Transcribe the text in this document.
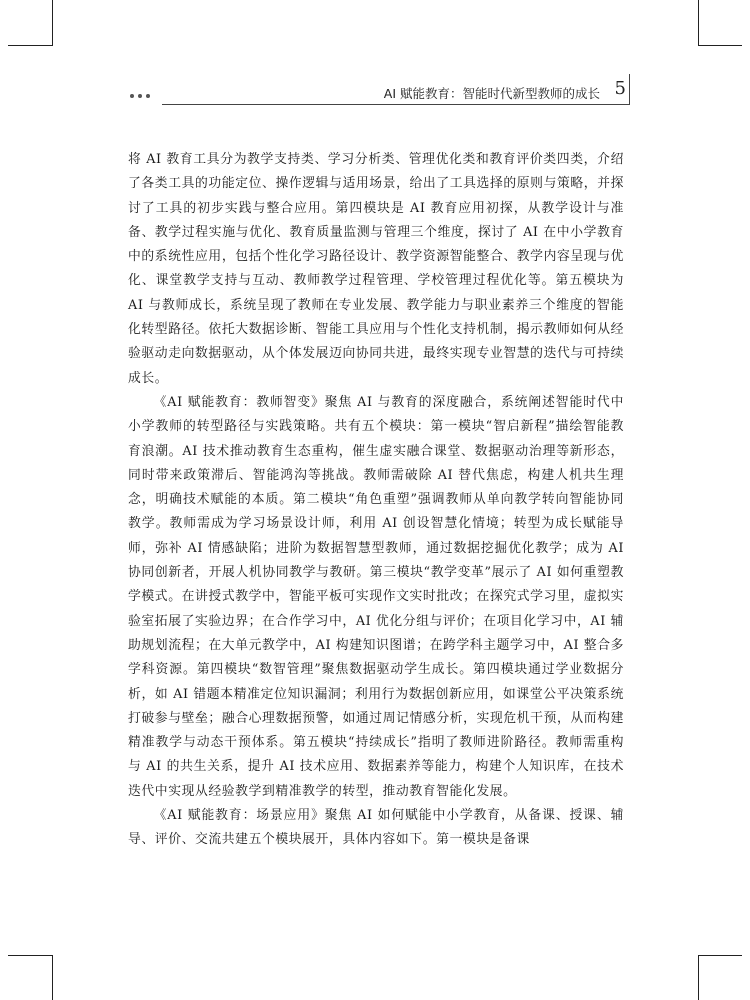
AI 赋能教育：智能时代新型教师的成长 5

将 AI 教育工具分为教学支持类、学习分析类、管理优化类和教育评价类四类，介绍了各类工具的功能定位、操作逻辑与适用场景，给出了工具选择的原则与策略，并探讨了工具的初步实践与整合应用。第四模块是 AI 教育应用初探，从教学设计与准备、教学过程实施与优化、教育质量监测与管理三个维度，探讨了 AI 在中小学教育中的系统性应用，包括个性化学习路径设计、教学资源智能整合、教学内容呈现与优化、课堂教学支持与互动、教师教学过程管理、学校管理过程优化等。第五模块为 AI 与教师成长，系统呈现了教师在专业发展、教学能力与职业素养三个维度的智能化转型路径。依托大数据诊断、智能工具应用与个性化支持机制，揭示教师如何从经验驱动走向数据驱动，从个体发展迈向协同共进，最终实现专业智慧的迭代与可持续成长。

《AI 赋能教育：教师智变》聚焦 AI 与教育的深度融合，系统阐述智能时代中小学教师的转型路径与实践策略。共有五个模块：第一模块“智启新程”描绘智能教育浪潮。AI 技术推动教育生态重构，催生虚实融合课堂、数据驱动治理等新形态，同时带来政策滞后、智能鸿沟等挑战。教师需破除 AI 替代焦虑，构建人机共生理念，明确技术赋能的本质。第二模块“角色重塑”强调教师从单向教学转向智能协同教学。教师需成为学习场景设计师，利用 AI 创设智慧化情境；转型为成长赋能导师，弥补 AI 情感缺陷；进阶为数据智慧型教师，通过数据挖掘优化教学；成为 AI 协同创新者，开展人机协同教学与教研。第三模块“教学变革”展示了 AI 如何重塑教学模式。在讲授式教学中，智能平板可实现作文实时批改；在探究式学习里，虚拟实验室拓展了实验边界；在合作学习中，AI 优化分组与评价；在项目化学习中，AI 辅助规划流程；在大单元教学中，AI 构建知识图谱；在跨学科主题学习中，AI 整合多学科资源。第四模块“数智管理”聚焦数据驱动学生成长。第四模块通过学业数据分析，如 AI 错题本精准定位知识漏洞；利用行为数据创新应用，如课堂公平决策系统打破参与壁垒；融合心理数据预警，如通过周记情感分析，实现危机干预，从而构建精准教学与动态干预体系。第五模块“持续成长”指明了教师进阶路径。教师需重构与 AI 的共生关系，提升 AI 技术应用、数据素养等能力，构建个人知识库，在技术迭代中实现从经验教学到精准教学的转型，推动教育智能化发展。

《AI 赋能教育：场景应用》聚焦 AI 如何赋能中小学教育，从备课、授课、辅导、评价、交流共建五个模块展开，具体内容如下。第一模块是备课
